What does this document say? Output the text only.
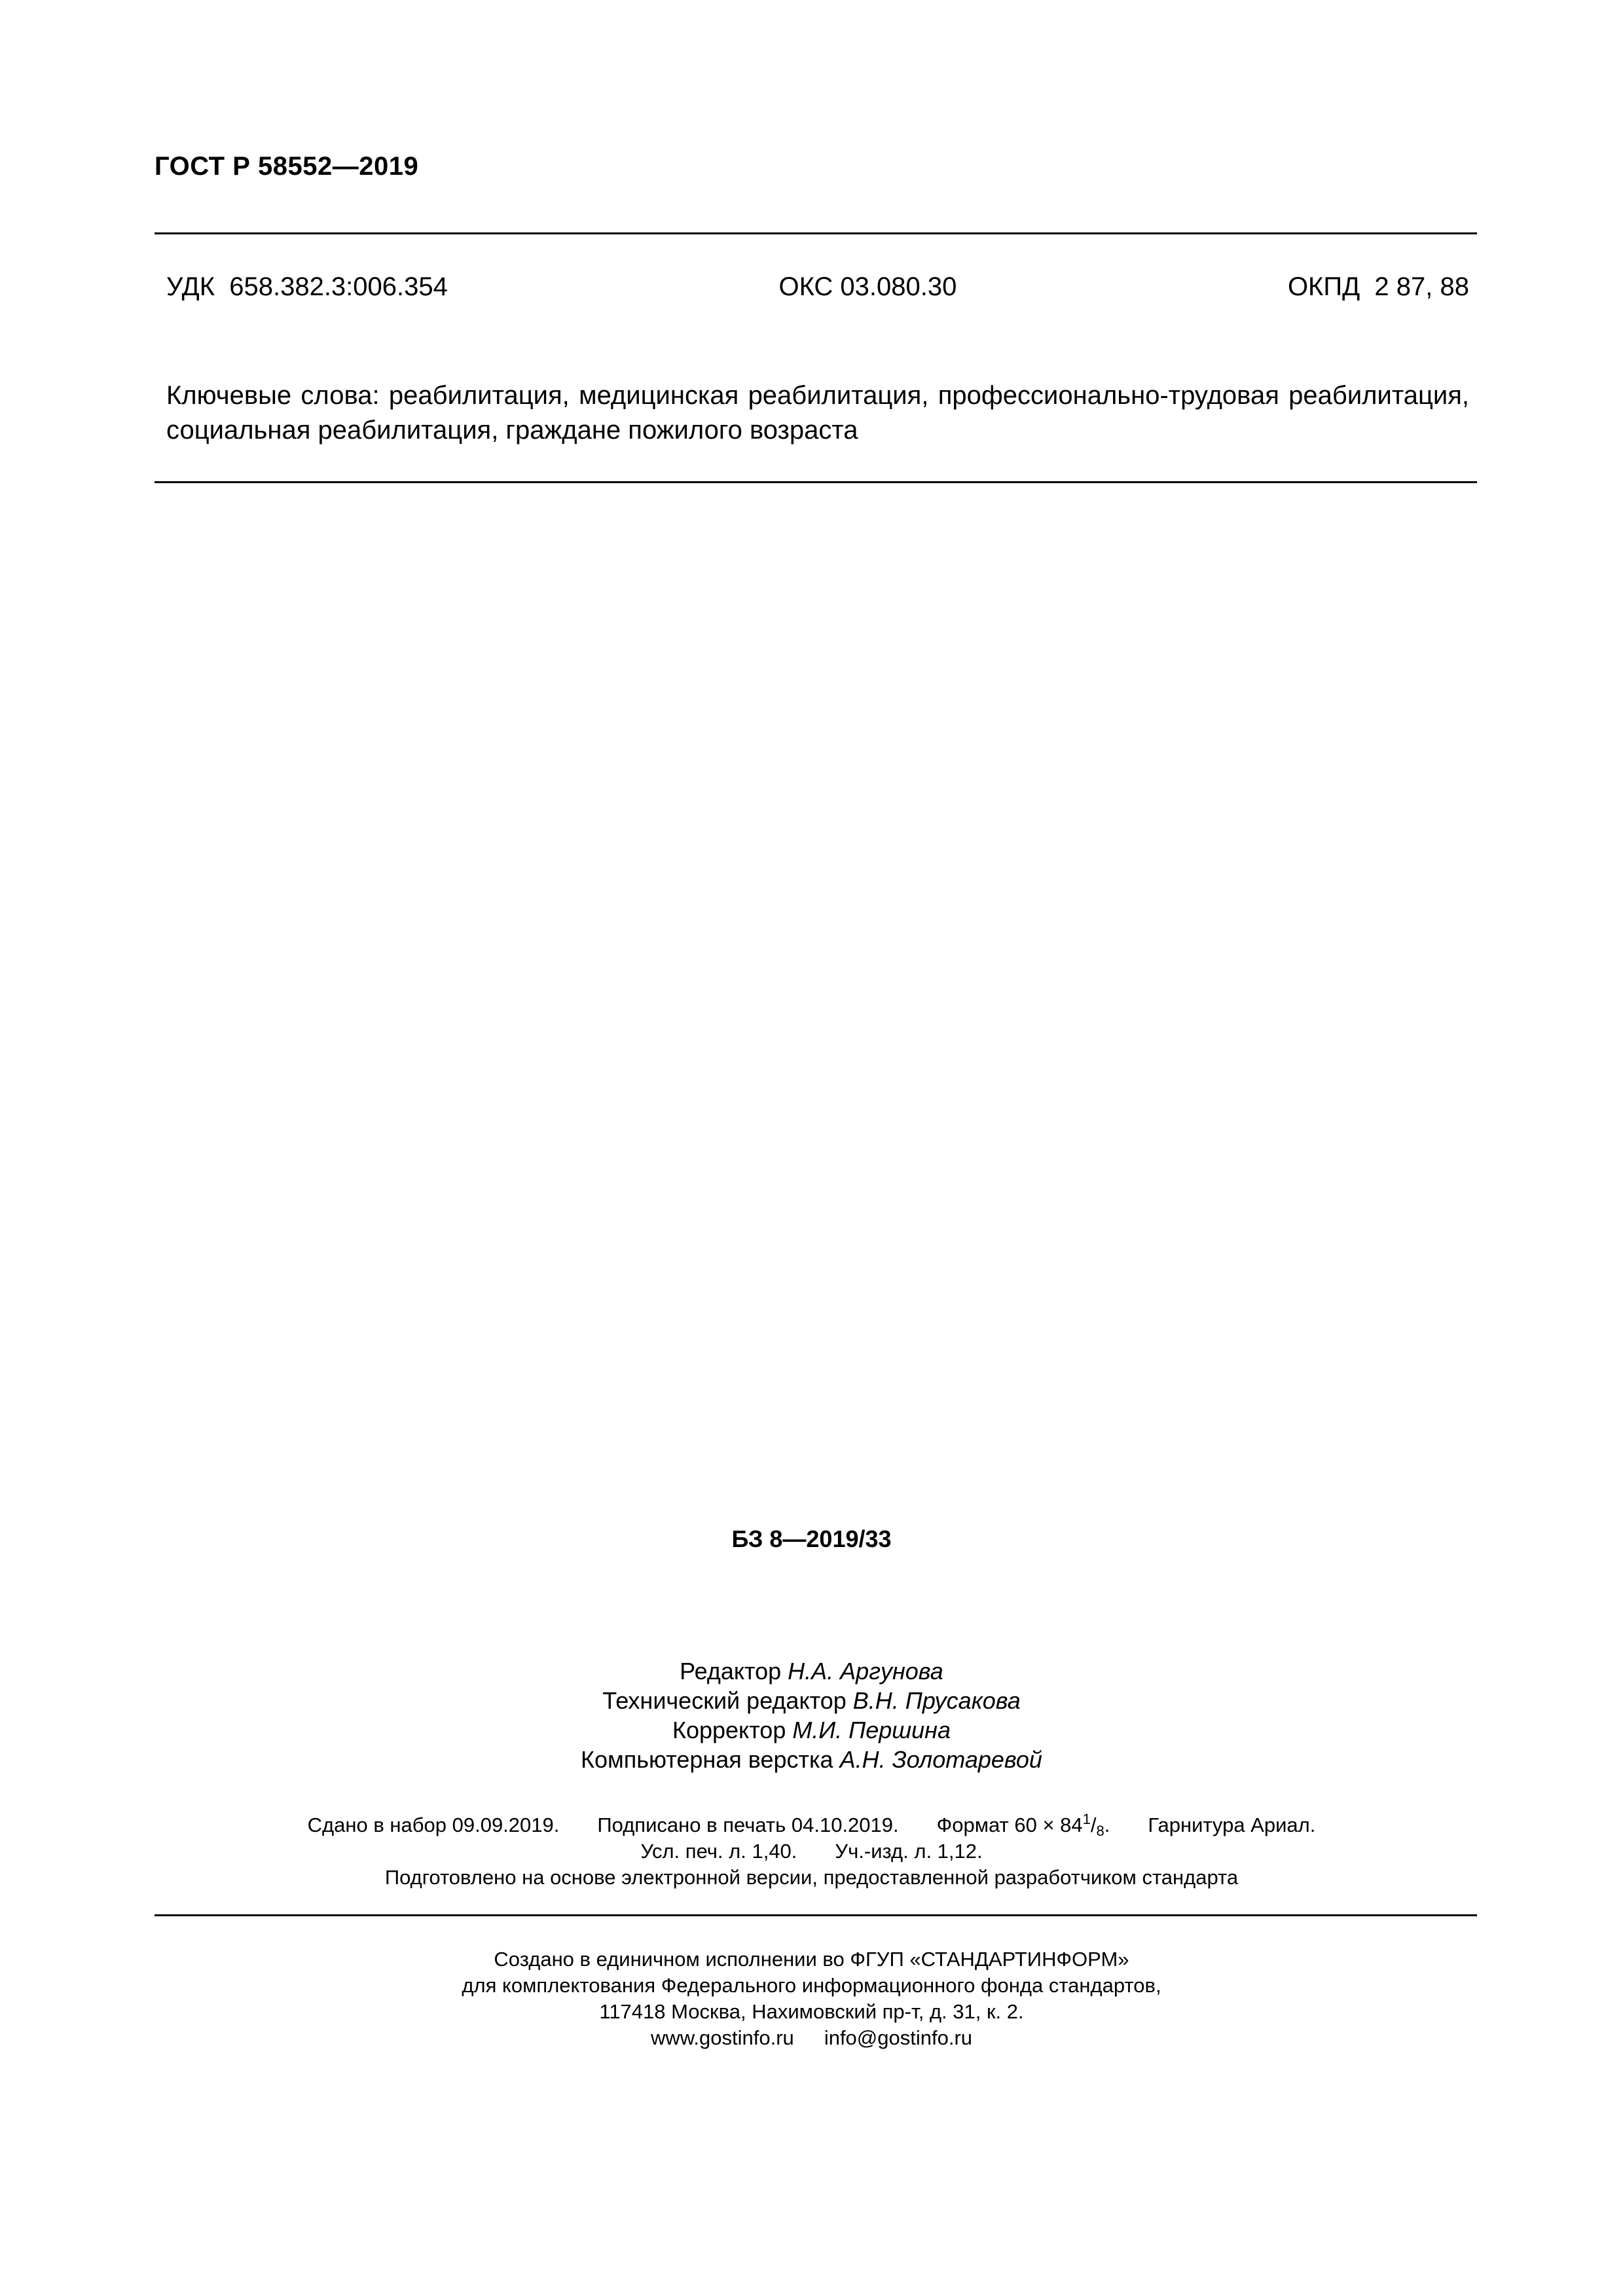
ГОСТ Р 58552—2019
УДК  658.382.3:006.354	ОКС 03.080.30	ОКПД  2 87, 88
Ключевые слова: реабилитация, медицинская реабилитация, профессионально-трудовая реабилитация, социальная реабилитация, граждане пожилого возраста
БЗ 8—2019/33
Редактор Н.А. Аргунова
Технический редактор В.Н. Прусакова
Корректор М.И. Першина
Компьютерная верстка А.Н. Золотаревой
Сдано в набор 09.09.2019. Подписано в печать 04.10.2019. Формат $60 \times 84^1/_8$. Гарнитура Ариал.
Усл. печ. л. 1,40. Уч.-изд. л. 1,12.
Подготовлено на основе электронной версии, предоставленной разработчиком стандарта
Создано в единичном исполнении во ФГУП «СТАНДАРТИНФОРМ»
для комплектования Федерального информационного фонда стандартов,
117418 Москва, Нахимовский пр-т, д. 31, к. 2.
www.gostinfo.ru info@gostinfo.ru
